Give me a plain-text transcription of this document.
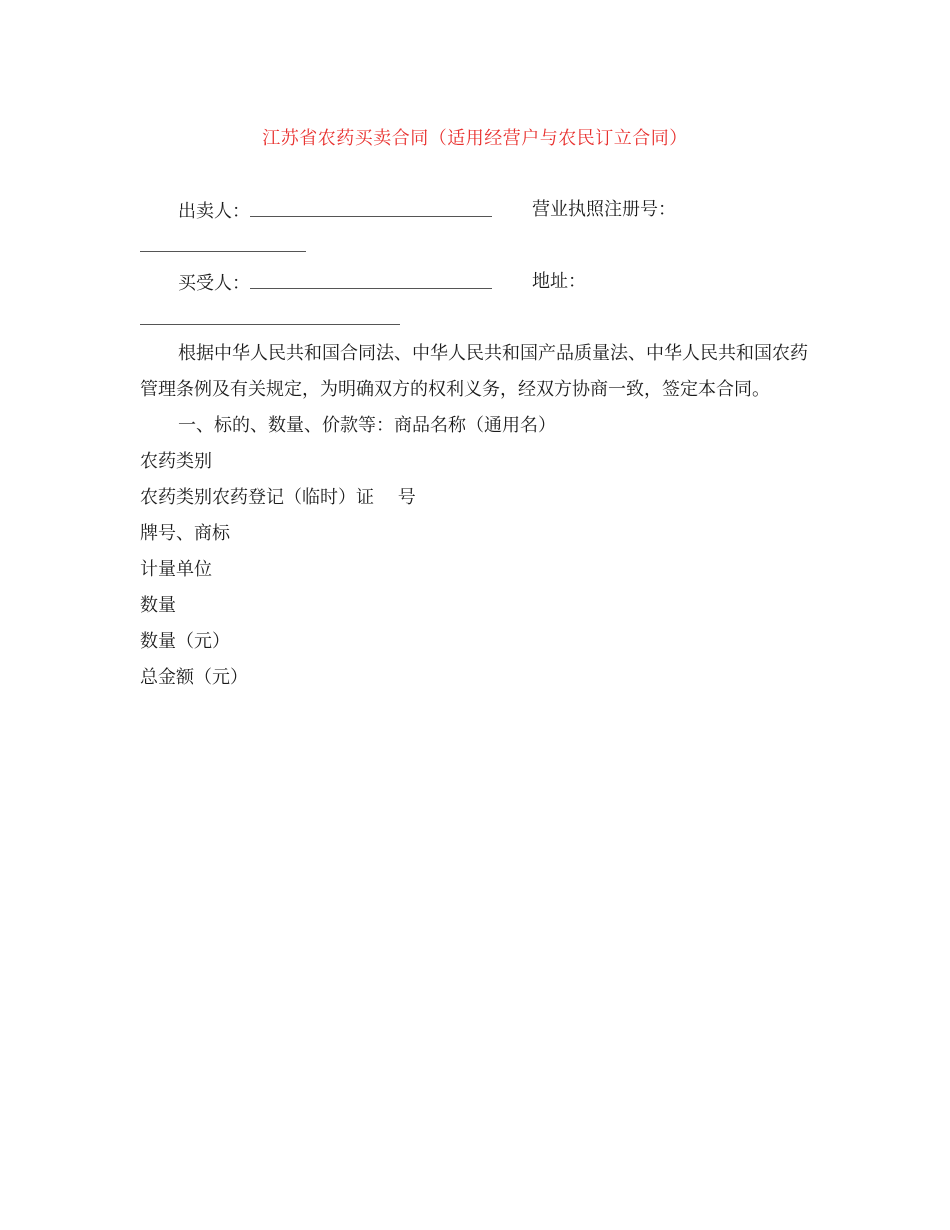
江苏省农药买卖合同（适用经营户与农民订立合同）
出卖人：	营业执照注册号：
买受人：	地址：
根据中华人民共和国合同法、中华人民共和国产品质量法、中华人民共和国农药管理条例及有关规定，为明确双方的权利义务，经双方协商一致，签定本合同。
一、标的、数量、价款等：商品名称（通用名）
农药类别
农药类别农药登记（临时）证　 号
牌号、商标
计量单位
数量
数量（元）
总金额（元）
